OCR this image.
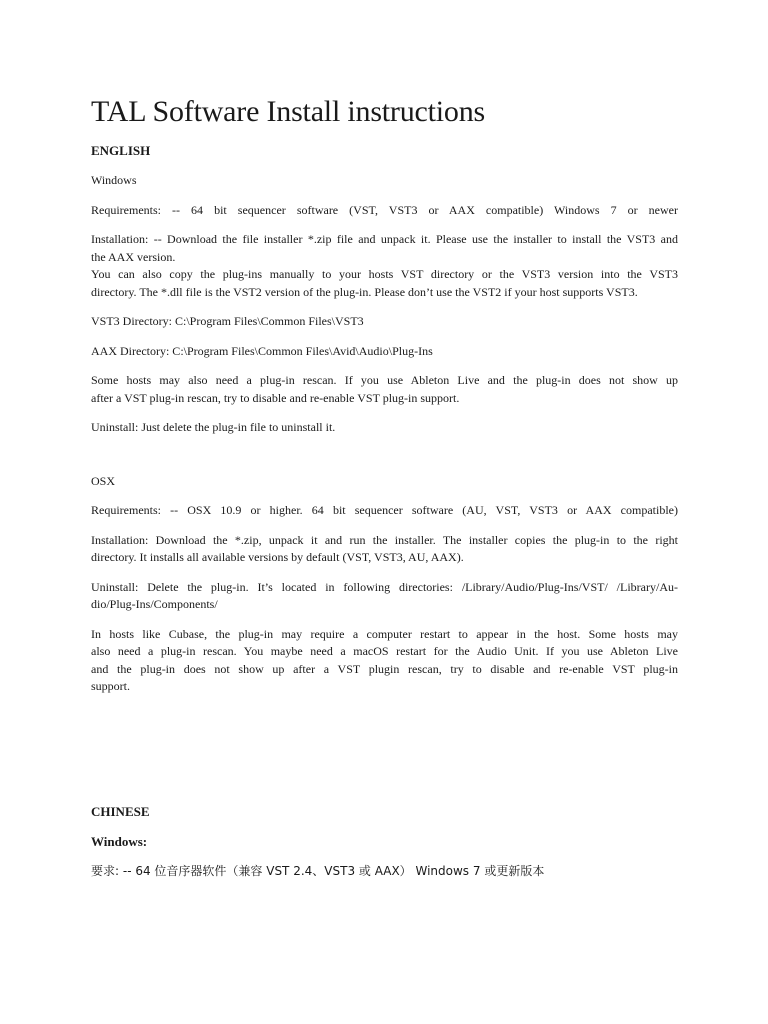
TAL Software Install instructions
ENGLISH

Windows

Requirements: -- 64 bit sequencer software (VST, VST3 or AAX compatible) Windows 7 or newer

Installation: -- Download the file installer *.zip file and unpack it. Please use the installer to install the VST3 and
the AAX version.
You can also copy the plug-ins manually to your hosts VST directory or the VST3 version into the VST3
directory. The *.dll file is the VST2 version of the plug-in. Please don’t use the VST2 if your host supports VST3.

VST3 Directory: C:\Program Files\Common Files\VST3

AAX Directory: C:\Program Files\Common Files\Avid\Audio\Plug-Ins

Some hosts may also need a plug-in rescan. If you use Ableton Live and the plug-in does not show up
after a VST plug-in rescan, try to disable and re-enable VST plug-in support.

Uninstall: Just delete the plug-in file to uninstall it.

OSX

Requirements: -- OSX 10.9 or higher. 64 bit sequencer software (AU, VST, VST3 or AAX compatible)

Installation: Download the *.zip, unpack it and run the installer. The installer copies the plug-in to the right
directory. It installs all available versions by default (VST, VST3, AU, AAX).

Uninstall: Delete the plug-in. It’s located in following directories: /Library/Audio/Plug-Ins/VST/ /Library/Au-
dio/Plug-Ins/Components/

In hosts like Cubase, the plug-in may require a computer restart to appear in the host. Some hosts may
also need a plug-in rescan. You maybe need a macOS restart for the Audio Unit. If you use Ableton Live
and the plug-in does not show up after a VST plugin rescan, try to disable and re-enable VST plug-in
support.

CHINESE
Windows:

要求: -- 64 位音序器软件（兼容 VST 2.4、VST3 或 AAX） Windows 7 或更新版本
